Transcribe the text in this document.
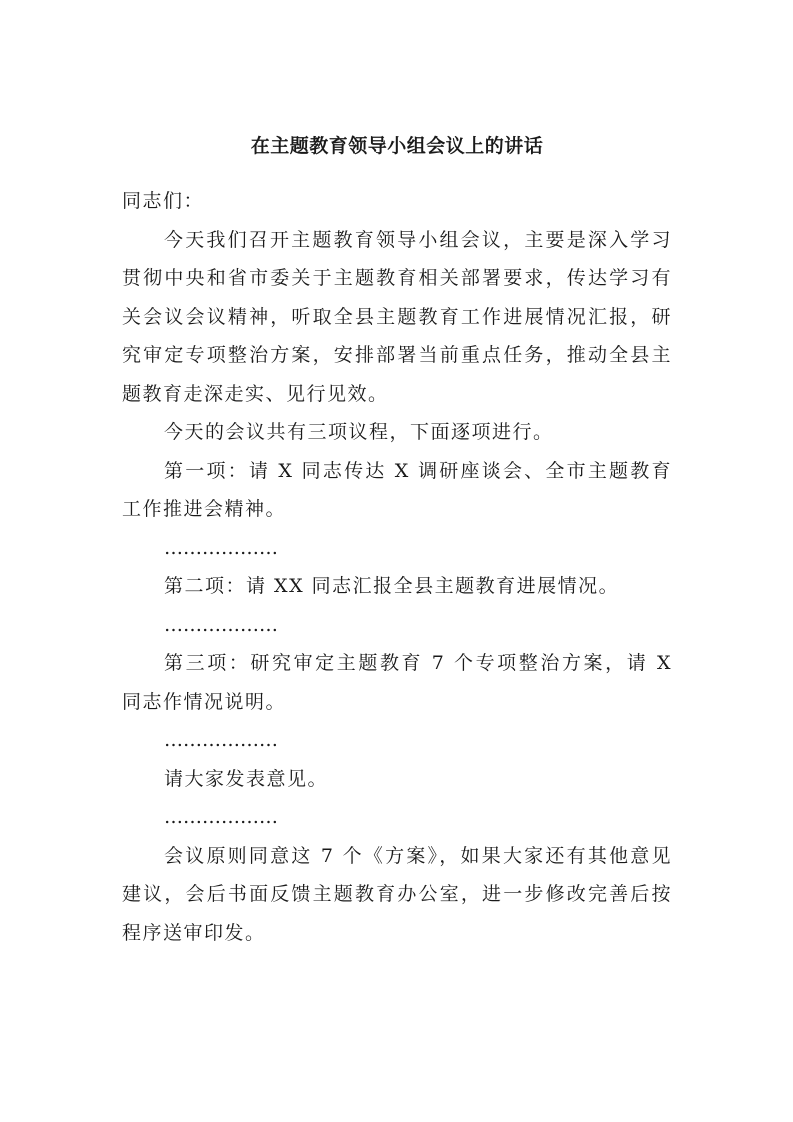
在主题教育领导小组会议上的讲话

同志们：

今天我们召开主题教育领导小组会议，主要是深入学习贯彻中央和省市委关于主题教育相关部署要求，传达学习有关会议会议精神，听取全县主题教育工作进展情况汇报，研究审定专项整治方案，安排部署当前重点任务，推动全县主题教育走深走实、见行见效。

今天的会议共有三项议程，下面逐项进行。

第一项：请 X 同志传达 X 调研座谈会、全市主题教育工作推进会精神。

………………

第二项：请 XX 同志汇报全县主题教育进展情况。

………………

第三项：研究审定主题教育 7 个专项整治方案，请 X 同志作情况说明。

………………

请大家发表意见。

………………

会议原则同意这 7 个《方案》，如果大家还有其他意见建议，会后书面反馈主题教育办公室，进一步修改完善后按程序送审印发。
